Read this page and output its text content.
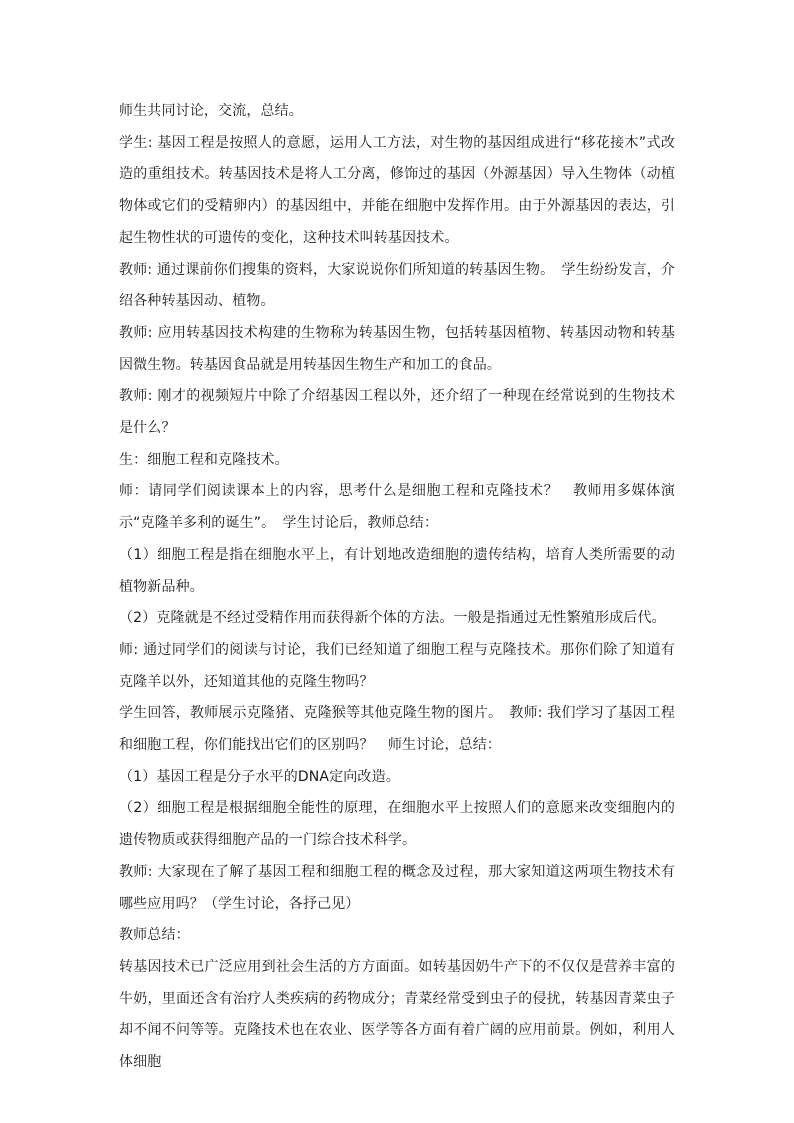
师生共同讨论，交流，总结。

学生: 基因工程是按照人的意愿，运用人工方法，对生物的基因组成进行“移花接木”式改造的重组技术。转基因技术是将人工分离，修饰过的基因（外源基因）导入生物体（动植物体或它们的受精卵内）的基因组中，并能在细胞中发挥作用。由于外源基因的表达，引起生物性状的可遗传的变化，这种技术叫转基因技术。

教师: 通过课前你们搜集的资料，大家说说你们所知道的转基因生物。　学生纷纷发言，介绍各种转基因动、植物。

教师: 应用转基因技术构建的生物称为转基因生物，包括转基因植物、转基因动物和转基因微生物。转基因食品就是用转基因生物生产和加工的食品。

教师: 刚才的视频短片中除了介绍基因工程以外，还介绍了一种现在经常说到的生物技术是什么？

生：细胞工程和克隆技术。

师：请同学们阅读课本上的内容，思考什么是细胞工程和克隆技术？　教师用多媒体演示“克隆羊多利的诞生”。　学生讨论后，教师总结：

（1）细胞工程是指在细胞水平上，有计划地改造细胞的遗传结构，培育人类所需要的动植物新品种。

（2）克隆就是不经过受精作用而获得新个体的方法。一般是指通过无性繁殖形成后代。

师: 通过同学们的阅读与讨论，我们已经知道了细胞工程与克隆技术。那你们除了知道有克隆羊以外，还知道其他的克隆生物吗？

学生回答，教师展示克隆猪、克隆猴等其他克隆生物的图片。　教师: 我们学习了基因工程和细胞工程，你们能找出它们的区别吗？　师生讨论，总结：

（1）基因工程是分子水平的DNA定向改造。

（2）细胞工程是根据细胞全能性的原理，在细胞水平上按照人们的意愿来改变细胞内的遗传物质或获得细胞产品的一门综合技术科学。

教师: 大家现在了解了基因工程和细胞工程的概念及过程，那大家知道这两项生物技术有哪些应用吗？（学生讨论，各抒己见）

教师总结：

转基因技术已广泛应用到社会生活的方方面面。如转基因奶牛产下的不仅仅是营养丰富的牛奶，里面还含有治疗人类疾病的药物成分；青菜经常受到虫子的侵扰，转基因青菜虫子却不闻不问等等。克隆技术也在农业、医学等各方面有着广阔的应用前景。例如，利用人体细胞
